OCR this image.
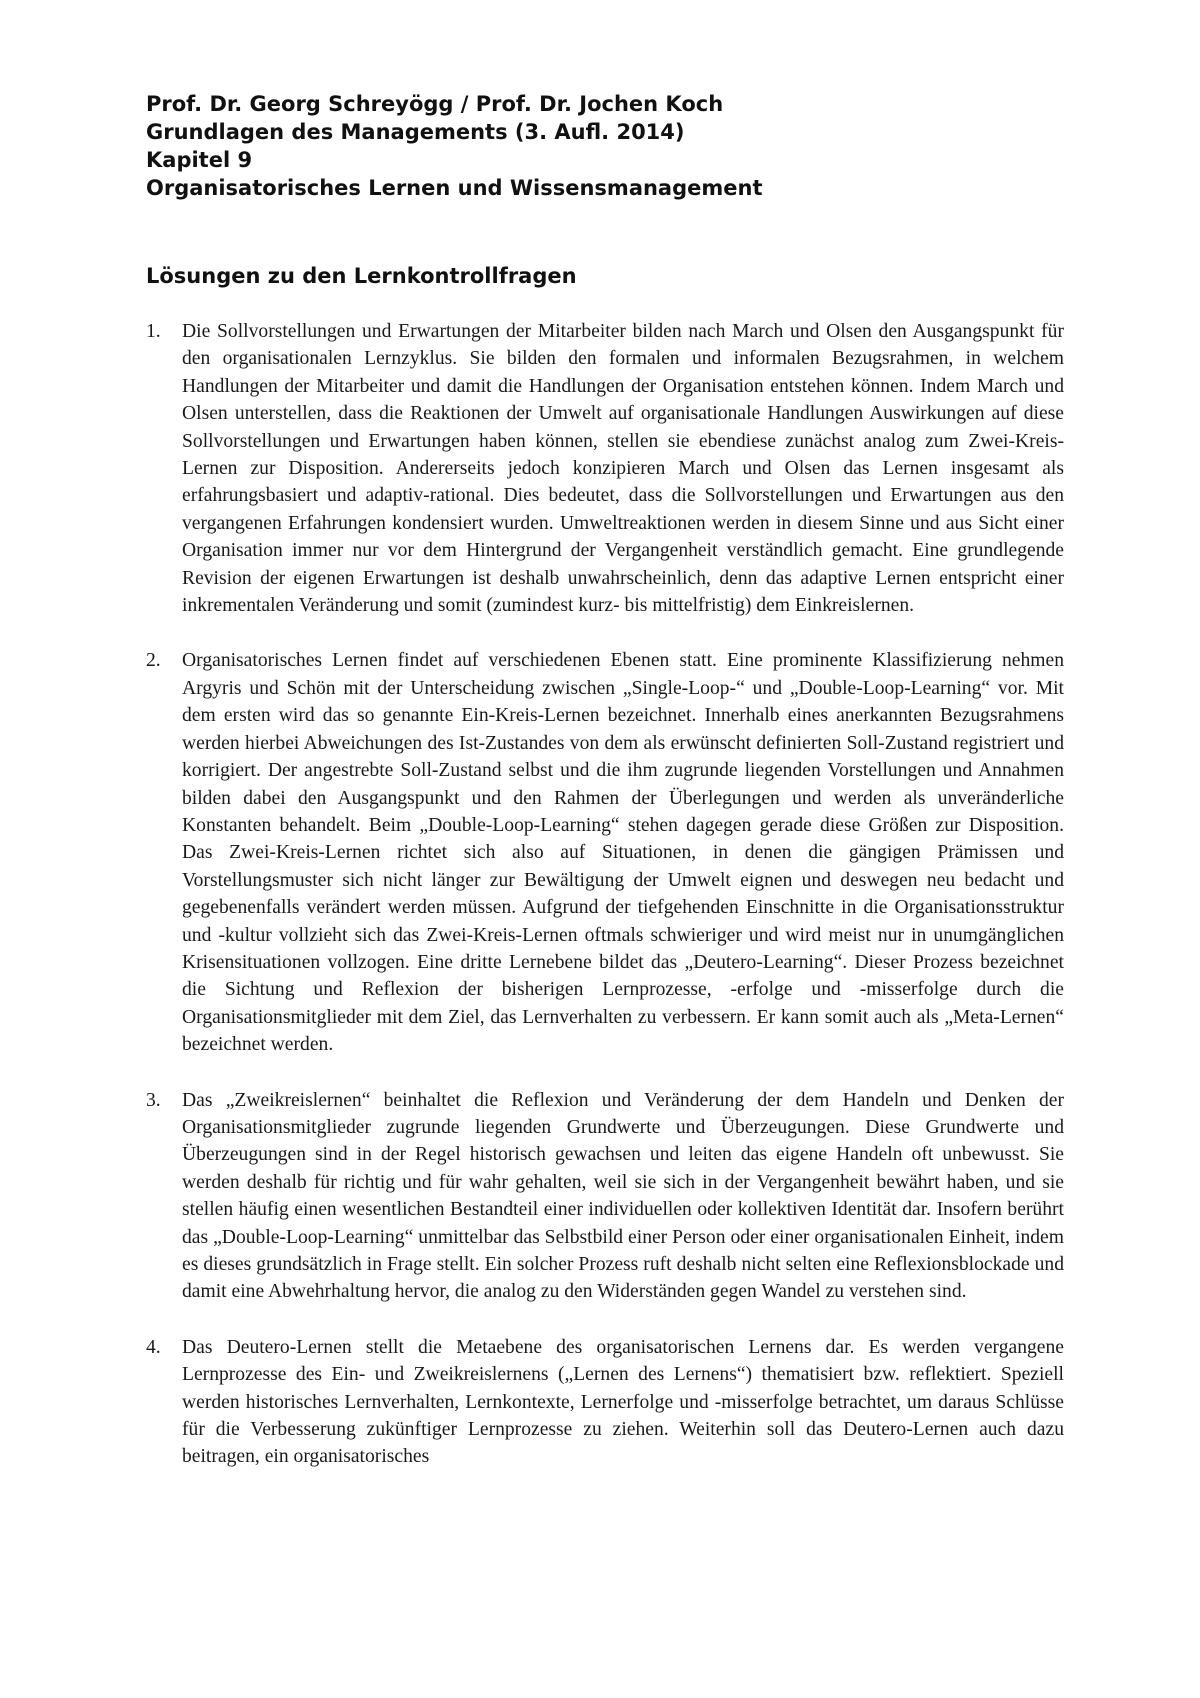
Prof. Dr. Georg Schreyögg / Prof. Dr. Jochen Koch
Grundlagen des Managements (3. Aufl. 2014)
Kapitel 9
Organisatorisches Lernen und Wissensmanagement
Lösungen zu den Lernkontrollfragen
1. Die Sollvorstellungen und Erwartungen der Mitarbeiter bilden nach March und Olsen den Ausgangspunkt für den organisationalen Lernzyklus. Sie bilden den formalen und informalen Bezugsrahmen, in welchem Handlungen der Mitarbeiter und damit die Handlungen der Organisation entstehen können. Indem March und Olsen unterstellen, dass die Reaktionen der Umwelt auf organisationale Handlungen Auswirkungen auf diese Sollvorstellungen und Erwartungen haben können, stellen sie ebendiese zunächst analog zum Zwei-Kreis-Lernen zur Disposition. Andererseits jedoch konzipieren March und Olsen das Lernen insgesamt als erfahrungsbasiert und adaptiv-rational. Dies bedeutet, dass die Sollvorstellungen und Erwartungen aus den vergangenen Erfahrungen kondensiert wurden. Umweltreaktionen werden in diesem Sinne und aus Sicht einer Organisation immer nur vor dem Hintergrund der Vergangenheit verständlich gemacht. Eine grundlegende Revision der eigenen Erwartungen ist deshalb unwahrscheinlich, denn das adaptive Lernen entspricht einer inkrementalen Veränderung und somit (zumindest kurz- bis mittelfristig) dem Einkreislernen.
2. Organisatorisches Lernen findet auf verschiedenen Ebenen statt. Eine prominente Klassifizierung nehmen Argyris und Schön mit der Unterscheidung zwischen „Single-Loop-“ und „Double-Loop-Learning“ vor. Mit dem ersten wird das so genannte Ein-Kreis-Lernen bezeichnet. Innerhalb eines anerkannten Bezugsrahmens werden hierbei Abweichungen des Ist-Zustandes von dem als erwünscht definierten Soll-Zustand registriert und korrigiert. Der angestrebte Soll-Zustand selbst und die ihm zugrunde liegenden Vorstellungen und Annahmen bilden dabei den Ausgangspunkt und den Rahmen der Überlegungen und werden als unveränderliche Konstanten behandelt. Beim „Double-Loop-Learning“ stehen dagegen gerade diese Größen zur Disposition. Das Zwei-Kreis-Lernen richtet sich also auf Situationen, in denen die gängigen Prämissen und Vorstellungsmuster sich nicht länger zur Bewältigung der Umwelt eignen und deswegen neu bedacht und gegebenenfalls verändert werden müssen. Aufgrund der tiefgehenden Einschnitte in die Organisationsstruktur und -kultur vollzieht sich das Zwei-Kreis-Lernen oftmals schwieriger und wird meist nur in unumgänglichen Krisensituationen vollzogen. Eine dritte Lernebene bildet das „Deutero-Learning“. Dieser Prozess bezeichnet die Sichtung und Reflexion der bisherigen Lernprozesse, -erfolge und -misserfolge durch die Organisationsmitglieder mit dem Ziel, das Lernverhalten zu verbessern. Er kann somit auch als „Meta-Lernen“ bezeichnet werden.
3. Das „Zweikreislernen“ beinhaltet die Reflexion und Veränderung der dem Handeln und Denken der Organisationsmitglieder zugrunde liegenden Grundwerte und Überzeugungen. Diese Grundwerte und Überzeugungen sind in der Regel historisch gewachsen und leiten das eigene Handeln oft unbewusst. Sie werden deshalb für richtig und für wahr gehalten, weil sie sich in der Vergangenheit bewährt haben, und sie stellen häufig einen wesentlichen Bestandteil einer individuellen oder kollektiven Identität dar. Insofern berührt das „Double-Loop-Learning“ unmittelbar das Selbstbild einer Person oder einer organisationalen Einheit, indem es dieses grundsätzlich in Frage stellt. Ein solcher Prozess ruft deshalb nicht selten eine Reflexionsblockade und damit eine Abwehrhaltung hervor, die analog zu den Widerständen gegen Wandel zu verstehen sind.
4. Das Deutero-Lernen stellt die Metaebene des organisatorischen Lernens dar. Es werden vergangene Lernprozesse des Ein- und Zweikreislernens („Lernen des Lernens“) thematisiert bzw. reflektiert. Speziell werden historisches Lernverhalten, Lernkontexte, Lernerfolge und -misserfolge betrachtet, um daraus Schlüsse für die Verbesserung zukünftiger Lernprozesse zu ziehen. Weiterhin soll das Deutero-Lernen auch dazu beitragen, ein organisatorisches
